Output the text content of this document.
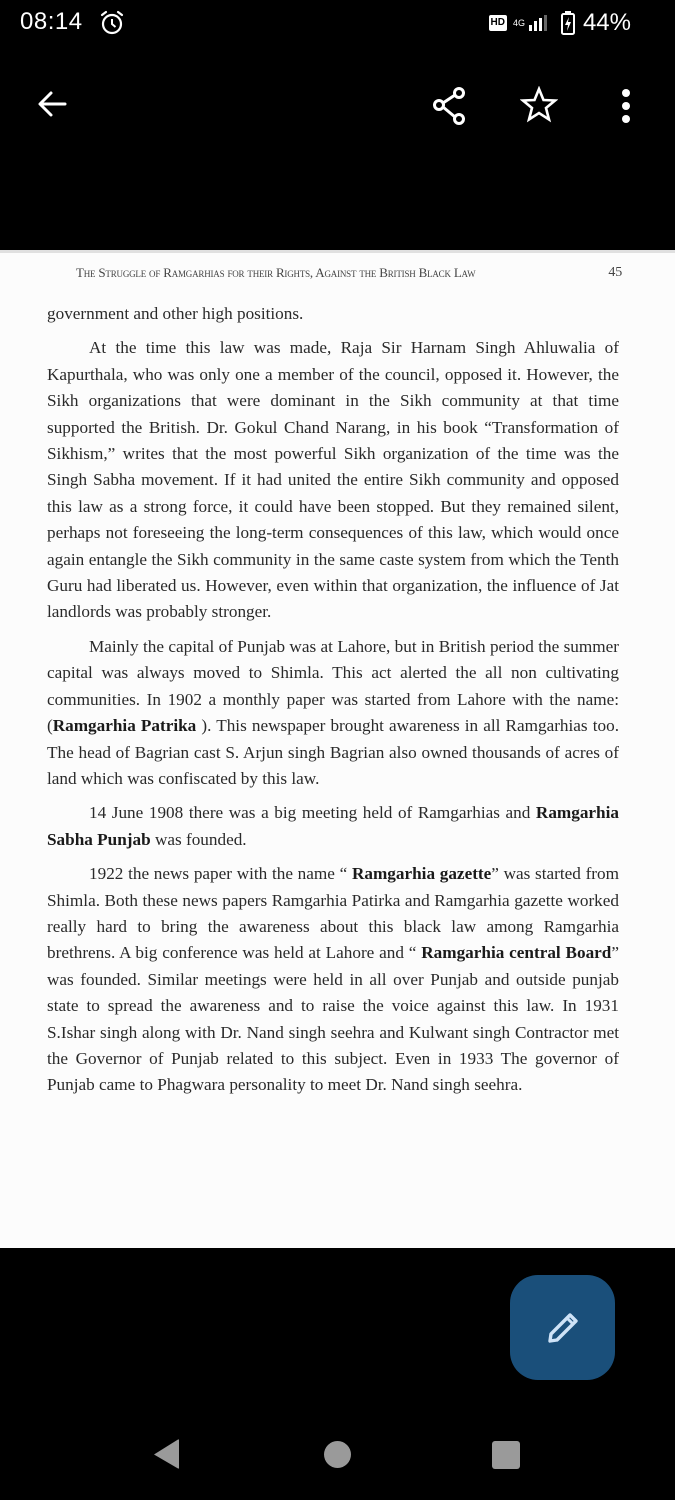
08:14	HD 4G 44%
The Struggle of Ramgarhias for their Rights, Against the British Black Law	45

government and other high positions.

At the time this law was made, Raja Sir Harnam Singh Ahluwalia of Kapurthala, who was only one a member of the council, opposed it. However, the Sikh organizations that were dominant in the Sikh community at that time supported the British. Dr. Gokul Chand Narang, in his book “Transformation of Sikhism,” writes that the most powerful Sikh organization of the time was the Singh Sabha movement. If it had united the entire Sikh community and opposed this law as a strong force, it could have been stopped. But they remained silent, perhaps not foreseeing the long-term consequences of this law, which would once again entangle the Sikh community in the same caste system from which the Tenth Guru had liberated us. However, even within that organization, the influence of Jat landlords was probably stronger.

Mainly the capital of Punjab was at Lahore, but in British period the summer capital was always moved to Shimla. This act alerted the all non cultivating communities. In 1902 a monthly paper was started from Lahore with the name: (Ramgarhia Patrika ). This newspaper brought awareness in all Ramgarhias too. The head of Bagrian cast S. Arjun singh Bagrian also owned thousands of acres of land which was confiscated by this law.

14 June 1908 there was a big meeting held of Ramgarhias and Ramgarhia Sabha Punjab was founded.

1922 the news paper with the name “ Ramgarhia gazette” was started from Shimla. Both these news papers Ramgarhia Patirka and Ramgarhia gazette worked really hard to bring the awareness about this black law among Ramgarhia brethrens. A big conference was held at Lahore and “ Ramgarhia central Board” was founded. Similar meetings were held in all over Punjab and outside punjab state to spread the awareness and to raise the voice against this law. In 1931 S.Ishar singh along with Dr. Nand singh seehra and Kulwant singh Contractor met the Governor of Punjab related to this subject. Even in 1933 The governor of Punjab came to Phagwara personality to meet Dr. Nand singh seehra.
